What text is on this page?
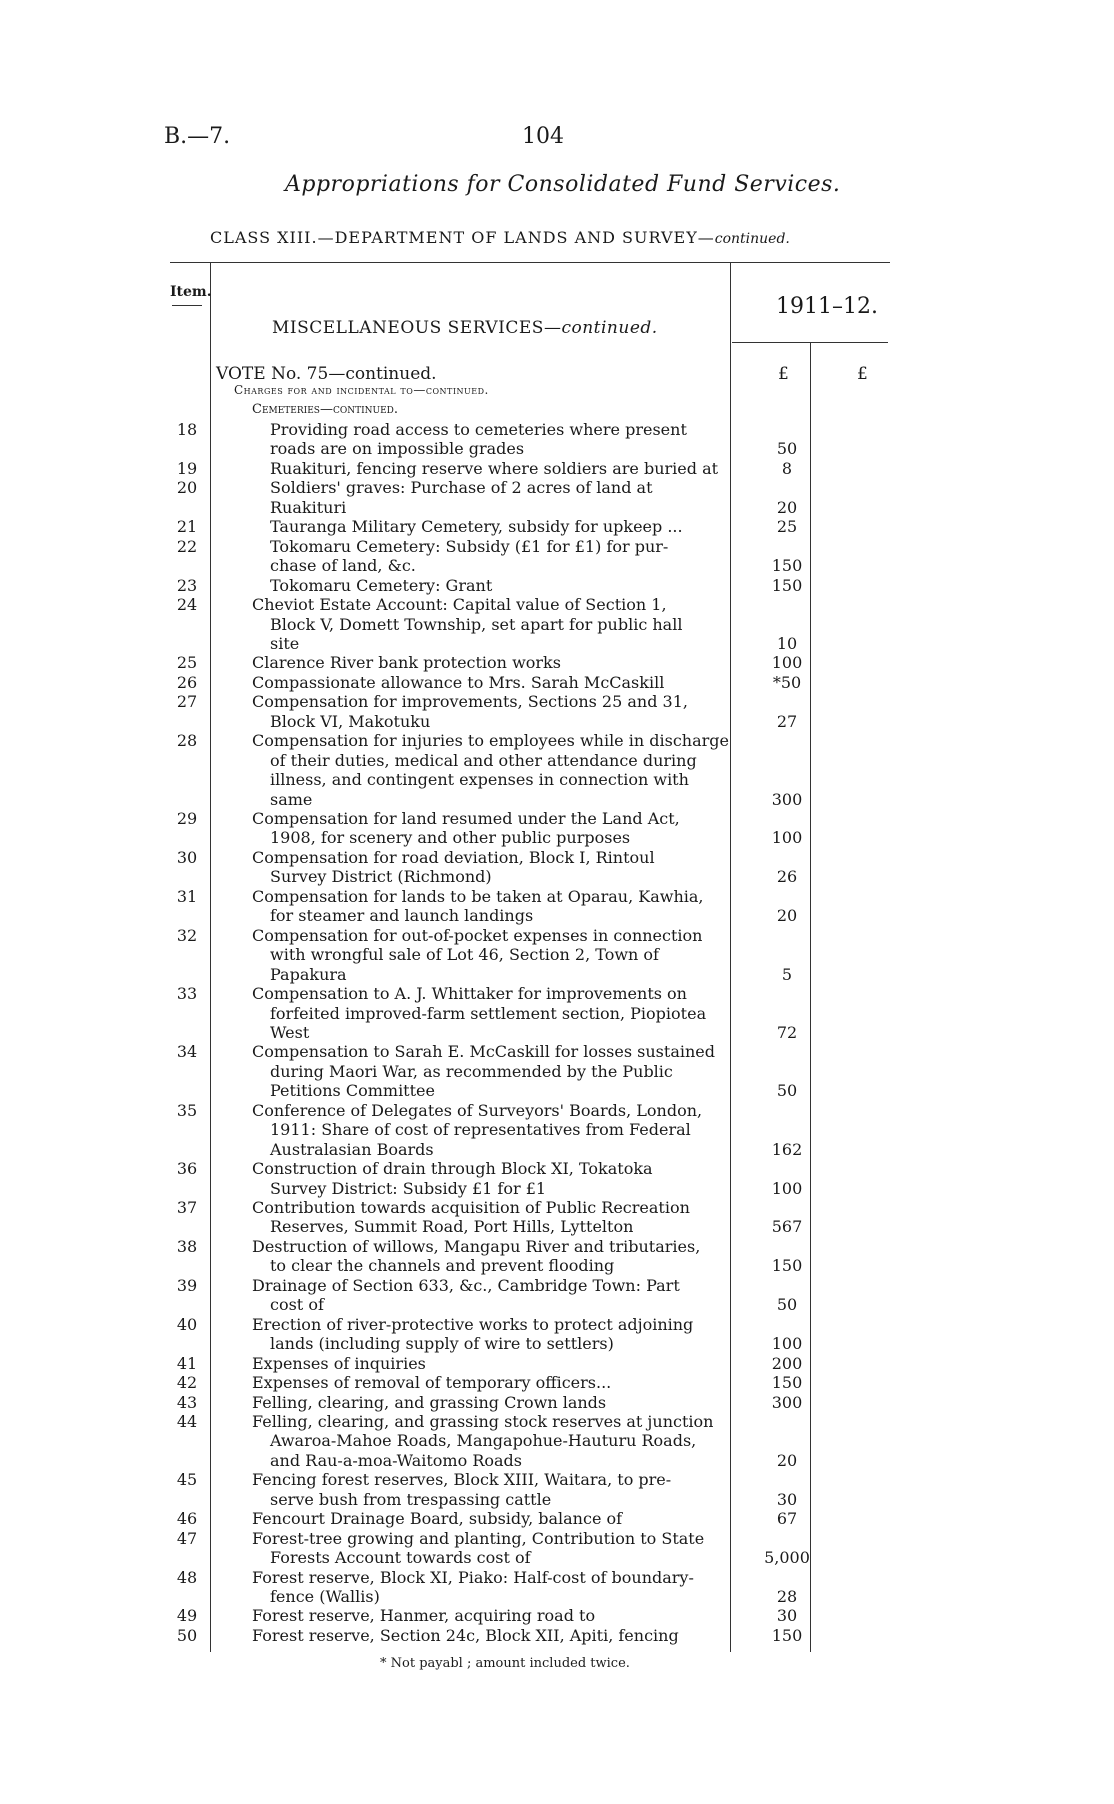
B.—7.	104
Appropriations for Consolidated Fund Services.
CLASS XIII.—DEPARTMENT OF LANDS AND SURVEY—continued.
Item.
1911–12.
MISCELLANEOUS SERVICES—continued.
VOTE No. 75—continued.	£	£
Charges for and incidental to—continued.
Cemeteries—continued.
18	Providing road access to cemeteries where present
roads are on impossible grades	50
19	Ruakituri, fencing reserve where soldiers are buried at	8
20	Soldiers' graves: Purchase of 2 acres of land at
Ruakituri	20
21	Tauranga Military Cemetery, subsidy for upkeep ...	25
22	Tokomaru Cemetery: Subsidy (£1 for £1) for pur-
chase of land, &c.	150
23	Tokomaru Cemetery: Grant	150
24	Cheviot Estate Account: Capital value of Section 1,
Block V, Domett Township, set apart for public hall
site	10
25	Clarence River bank protection works	100
26	Compassionate allowance to Mrs. Sarah McCaskill	*50
27	Compensation for improvements, Sections 25 and 31,
Block VI, Makotuku	27
28	Compensation for injuries to employees while in discharge
of their duties, medical and other attendance during
illness, and contingent expenses in connection with
same	300
29	Compensation for land resumed under the Land Act,
1908, for scenery and other public purposes	100
30	Compensation for road deviation, Block I, Rintoul
Survey District (Richmond)	26
31	Compensation for lands to be taken at Oparau, Kawhia,
for steamer and launch landings	20
32	Compensation for out-of-pocket expenses in connection
with wrongful sale of Lot 46, Section 2, Town of
Papakura	5
33	Compensation to A. J. Whittaker for improvements on
forfeited improved-farm settlement section, Piopiotea
West	72
34	Compensation to Sarah E. McCaskill for losses sustained
during Maori War, as recommended by the Public
Petitions Committee	50
35	Conference of Delegates of Surveyors' Boards, London,
1911: Share of cost of representatives from Federal
Australasian Boards	162
36	Construction of drain through Block XI, Tokatoka
Survey District: Subsidy £1 for £1	100
37	Contribution towards acquisition of Public Recreation
Reserves, Summit Road, Port Hills, Lyttelton	567
38	Destruction of willows, Mangapu River and tributaries,
to clear the channels and prevent flooding	150
39	Drainage of Section 633, &c., Cambridge Town: Part
cost of	50
40	Erection of river-protective works to protect adjoining
lands (including supply of wire to settlers)	100
41	Expenses of inquiries	200
42	Expenses of removal of temporary officers...	150
43	Felling, clearing, and grassing Crown lands	300
44	Felling, clearing, and grassing stock reserves at junction
Awaroa-Mahoe Roads, Mangapohue-Hauturu Roads,
and Rau-a-moa-Waitomo Roads	20
45	Fencing forest reserves, Block XIII, Waitara, to pre-
serve bush from trespassing cattle	30
46	Fencourt Drainage Board, subsidy, balance of	67
47	Forest-tree growing and planting, Contribution to State
Forests Account towards cost of	5,000
48	Forest reserve, Block XI, Piako: Half-cost of boundary-
fence (Wallis)	28
49	Forest reserve, Hanmer, acquiring road to	30
50	Forest reserve, Section 24c, Block XII, Apiti, fencing	150
* Not payabl ; amount included twice.
